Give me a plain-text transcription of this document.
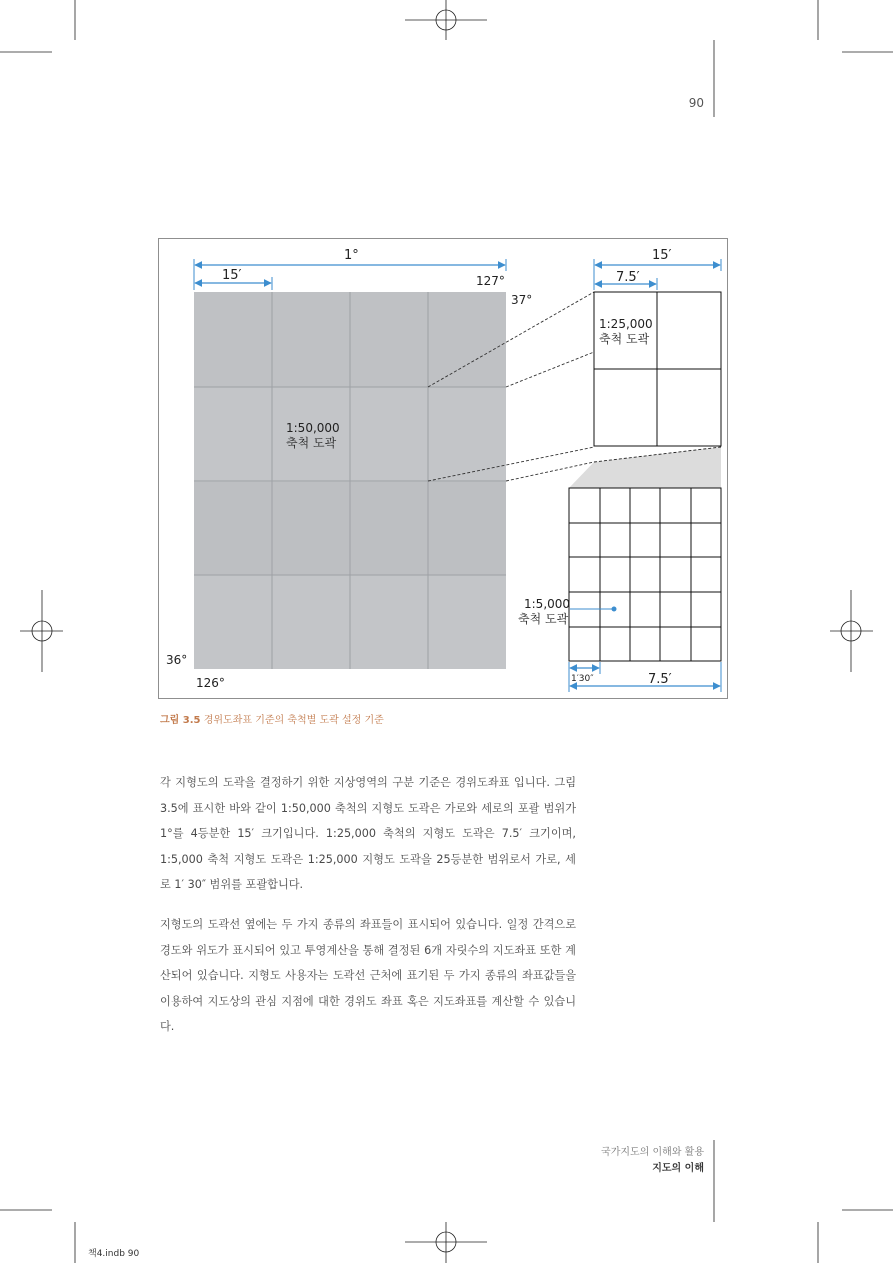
90
1°
15′
15′
7.5′
7.5′
127°
37°
36°
126°	1′30″
1:50,000
축척 도곽
1:25,000
축척 도곽
1:5,000
축척 도곽
그림 3.5 경위도좌표 기준의 축척별 도곽 설정 기준

각 지형도의 도곽을 결정하기 위한 지상영역의 구분 기준은 경위도좌표 입니다. 그림 3.5에 표시한 바와 같이 1:50,000 축척의 지형도 도곽은 가로와 세로의 포괄 범위가 1°를 4등분한 15′ 크기입니다. 1:25,000 축척의 지형도 도곽은 7.5′ 크기이며, 1:5,000 축척 지형도 도곽은 1:25,000 지형도 도곽을 25등분한 범위로서 가로, 세로 1′ 30″ 범위를 포괄합니다.

지형도의 도곽선 옆에는 두 가지 종류의 좌표들이 표시되어 있습니다. 일정 간격으로 경도와 위도가 표시되어 있고 투영계산을 통해 결정된 6개 자릿수의 지도좌표 또한 계산되어 있습니다. 지형도 사용자는 도곽선 근처에 표기된 두 가지 종류의 좌표값들을 이용하여 지도상의 관심 지점에 대한 경위도 좌표 혹은 지도좌표를 계산할 수 있습니다.

국가지도의 이해와 활용
지도의 이해
책4.indb 90
